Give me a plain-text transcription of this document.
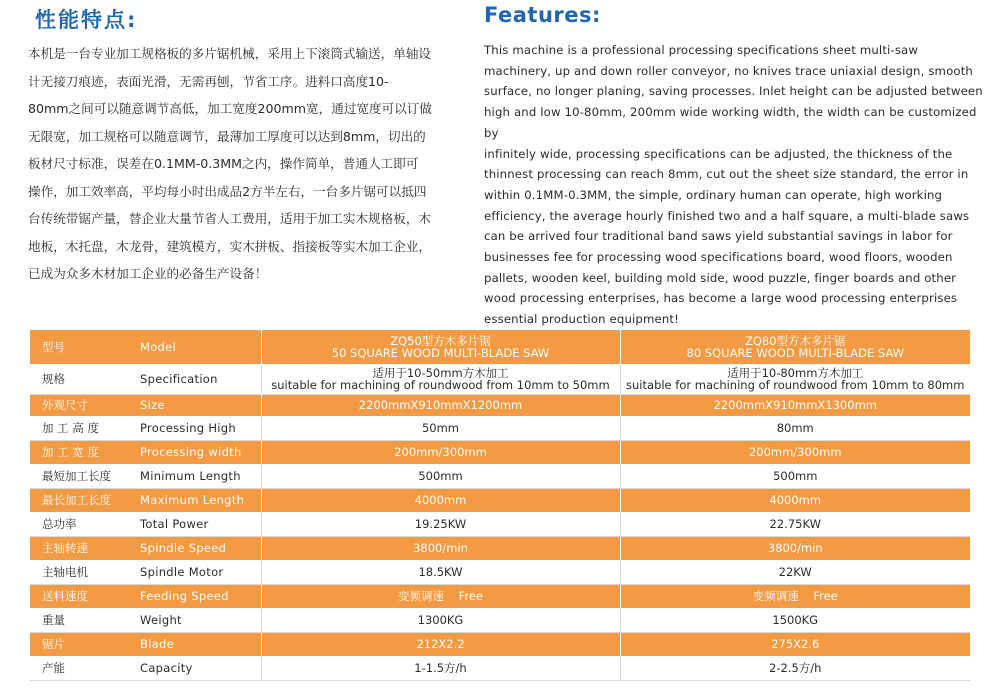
性能特点:	Features:
本机是一台专业加工规格板的多片锯机械，采用上下滚筒式输送，单轴设
计无接刀痕迹，表面光滑，无需再刨，节省工序。进料口高度10-
80mm之间可以随意调节高低，加工宽度200mm宽，通过宽度可以订做
无限宽，加工规格可以随意调节，最薄加工厚度可以达到8mm，切出的
板材尺寸标准，误差在0.1MM-0.3MM之内，操作简单，普通人工即可
操作，加工效率高，平均每小时出成品2方半左右，一台多片锯可以抵四
台传统带锯产量，替企业大量节省人工费用，适用于加工实木规格板，木
地板，木托盘，木龙骨，建筑模方，实木拼板、指接板等实木加工企业，
已成为众多木材加工企业的必备生产设备！
This machine is a professional processing specifications sheet multi-saw
machinery, up and down roller conveyor, no knives trace uniaxial design, smooth
surface, no longer planing, saving processes. Inlet height can be adjusted between
high and low 10-80mm, 200mm wide working width, the width can be customized by
infinitely wide, processing specifications can be adjusted, the thickness of the
thinnest processing can reach 8mm, cut out the sheet size standard, the error in
within 0.1MM-0.3MM, the simple, ordinary human can operate, high working
efficiency, the average hourly finished two and a half square, a multi-blade saws
can be arrived four traditional band saws yield substantial savings in labor for
businesses fee for processing wood specifications board, wood floors, wooden
pallets, wooden keel, building mold side, wood puzzle, finger boards and other
wood processing enterprises, has become a large wood processing enterprises
essential production equipment!
型号	Model	ZQ50型方木多片锯
50 SQUARE WOOD MULTI-BLADE SAW	ZQ80型方木多片锯
80 SQUARE WOOD MULTI-BLADE SAW

规格	Specification	适用于10-50mm方木加工
suitable for machining of roundwood from 10mm to 50mm	适用于10-80mm方木加工
suitable for machining of roundwood from 10mm to 80mm

外观尺寸	Size	2200mmX910mmX1200mm	2200mmX910mmX1300mm
加 工 高 度	Processing High	50mm	80mm
加 工 宽 度	Processing width	200mm/300mm	200mm/300mm
最短加工长度	Minimum Length	500mm	500mm
最长加工长度	Maximum Length	4000mm	4000mm
总功率	Total Power	19.25KW	22.75KW
主轴转速	Spindle Speed	3800/min	3800/min
主轴电机	Spindle Motor	18.5KW	22KW
送料速度	Feeding Speed	变频调速    Free	变频调速    Free
重量	Weight	1300KG	1500KG
锯片	Blade	212X2.2	275X2.6
产能	Capacity	1-1.5方/h	2-2.5方/h
